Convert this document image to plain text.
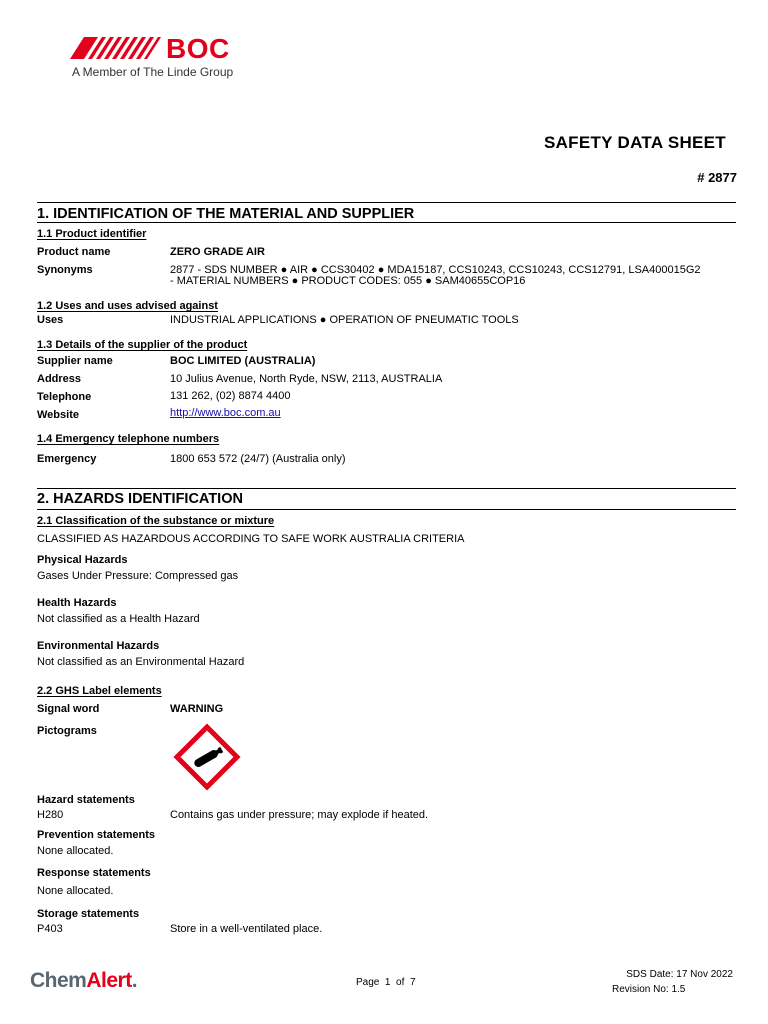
BOC
A Member of The Linde Group
SAFETY DATA SHEET
# 2877
1. IDENTIFICATION OF THE MATERIAL AND SUPPLIER
1.1 Product identifier
Product name	ZERO GRADE AIR
Synonyms	2877 - SDS NUMBER ● AIR ● CCS30402 ● MDA15187, CCS10243, CCS10243, CCS12791, LSA400015G2
- MATERIAL NUMBERS ● PRODUCT CODES: 055 ● SAM40655COP16
1.2 Uses and uses advised against
Uses	INDUSTRIAL APPLICATIONS ● OPERATION OF PNEUMATIC TOOLS
1.3 Details of the supplier of the product
Supplier name	BOC LIMITED (AUSTRALIA)
Address	10 Julius Avenue, North Ryde, NSW, 2113, AUSTRALIA
Telephone	131 262, (02) 8874 4400
Website	http://www.boc.com.au
1.4 Emergency telephone numbers
Emergency	1800 653 572 (24/7) (Australia only)
2. HAZARDS IDENTIFICATION
2.1 Classification of the substance or mixture
CLASSIFIED AS HAZARDOUS ACCORDING TO SAFE WORK AUSTRALIA CRITERIA
Physical Hazards
Gases Under Pressure: Compressed gas
Health Hazards
Not classified as a Health Hazard
Environmental Hazards
Not classified as an Environmental Hazard
2.2 GHS Label elements
Signal word	WARNING
Pictograms
Hazard statements
H280	Contains gas under pressure; may explode if heated.
Prevention statements
None allocated.
Response statements
None allocated.
Storage statements
P403	Store in a well-ventilated place.
ChemAlert.	Page 1 of 7
SDS Date: 17 Nov 2022
Revision No: 1.5
